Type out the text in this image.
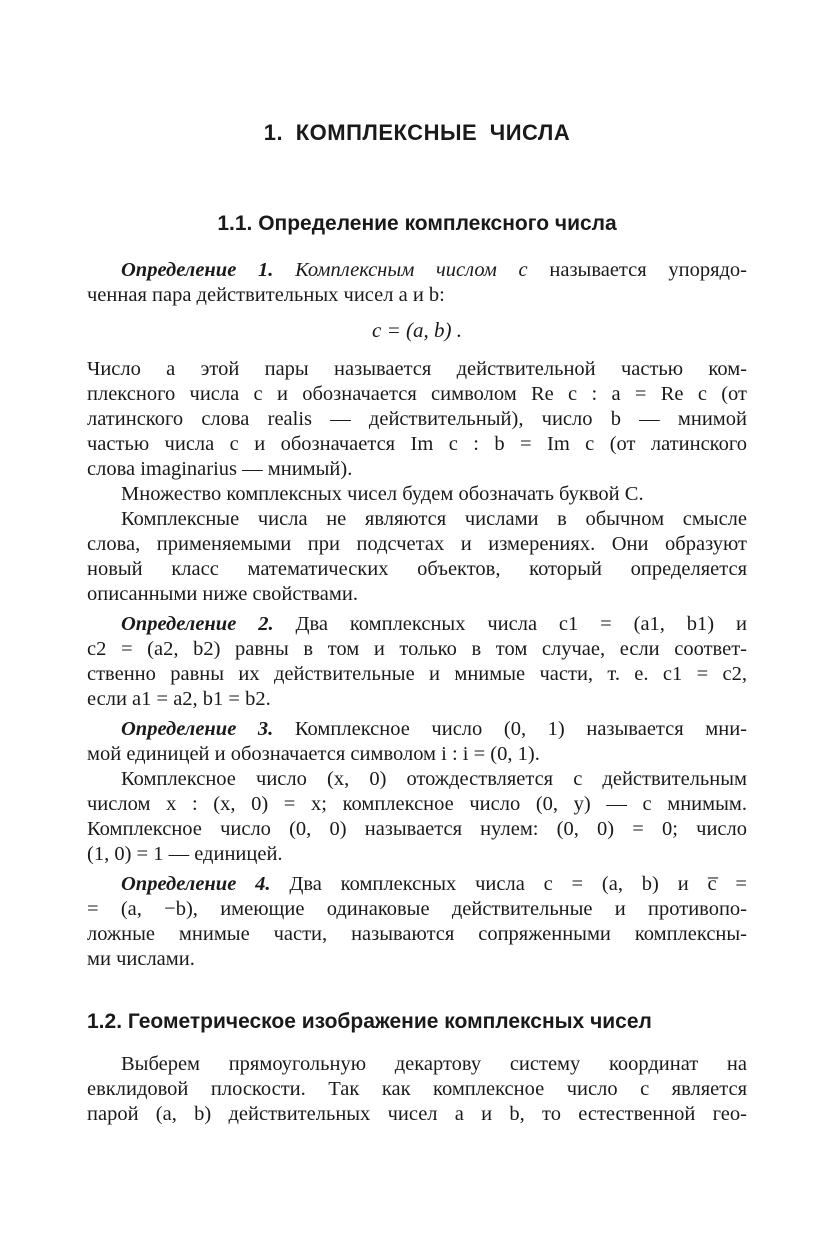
1. КОМПЛЕКСНЫЕ ЧИСЛА
1.1. Определение комплексного числа
Определение 1. Комплексным числом c называется упорядо-
ченная пара действительных чисел a и b:
c = (a, b) .
Число a этой пары называется действительной частью ком-
плексного числа c и обозначается символом Re c : a = Re c (от
латинского слова realis — действительный), число b — мнимой
частью числа c и обозначается Im c : b = Im c (от латинского
слова imaginarius — мнимый).
Множество комплексных чисел будем обозначать буквой C.
Комплексные числа не являются числами в обычном смысле
слова, применяемыми при подсчетах и измерениях. Они образуют
новый класс математических объектов, который определяется
описанными ниже свойствами.
Определение 2. Два комплексных числа c1 = (a1, b1) и
c2 = (a2, b2) равны в том и только в том случае, если соответ-
ственно равны их действительные и мнимые части, т. е. c1 = c2,
если a1 = a2, b1 = b2.
Определение 3. Комплексное число (0, 1) называется мни-
мой единицей и обозначается символом i : i = (0, 1).
Комплексное число (x, 0) отождествляется с действительным
числом x : (x, 0) = x; комплексное число (0, y) — с мнимым.
Комплексное число (0, 0) называется нулем: (0, 0) = 0; число
(1, 0) = 1 — единицей.
Определение 4. Два комплексных числа c = (a, b) и c̅ =
= (a, −b), имеющие одинаковые действительные и противопо-
ложные мнимые части, называются сопряженными комплексны-
ми числами.
1.2. Геометрическое изображение комплексных чисел
Выберем прямоугольную декартову систему координат на
евклидовой плоскости. Так как комплексное число c является
парой (a, b) действительных чисел a и b, то естественной гео-
